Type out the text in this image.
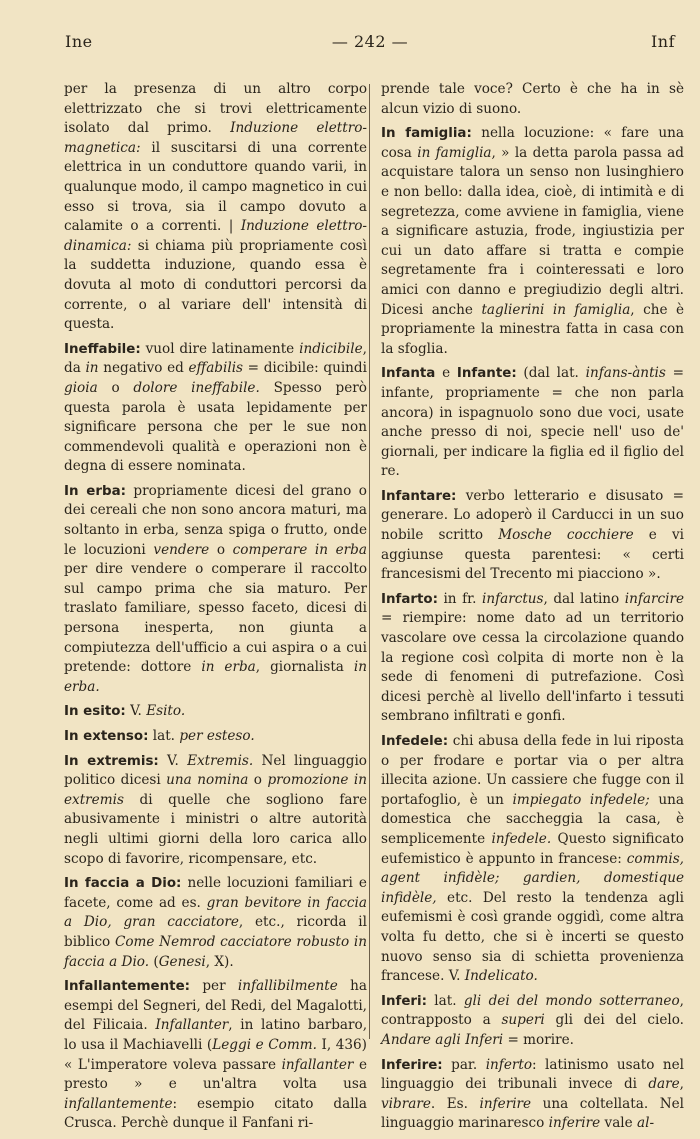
Ine	— 242 —	Inf

per la presenza di un altro corpo elettrizzato che si trovi elettricamente isolato dal primo. Induzione elettro-magnetica: il suscitarsi di una corrente elettrica in un conduttore quando varii, in qualunque modo, il campo magnetico in cui esso si trova, sia il campo dovuto a calamite o a correnti. | Induzione elettro-dinamica: si chiama più propriamente così la suddetta induzione, quando essa è dovuta al moto di conduttori percorsi da corrente, o al variare dell' intensità di questa.

Ineffabile: vuol dire latinamente indicibile, da in negativo ed effabilis = dicibile: quindi gioia o dolore ineffabile. Spesso però questa parola è usata lepidamente per significare persona che per le sue non commendevoli qualità e operazioni non è degna di essere nominata.

In erba: propriamente dicesi del grano o dei cereali che non sono ancora maturi, ma soltanto in erba, senza spiga o frutto, onde le locuzioni vendere o comperare in erba per dire vendere o comperare il raccolto sul campo prima che sia maturo. Per traslato familiare, spesso faceto, dicesi di persona inesperta, non giunta a compiutezza dell'ufficio a cui aspira o a cui pretende: dottore in erba, giornalista in erba.

In esito: V. Esito.

In extenso: lat. per esteso.

In extremis: V. Extremis. Nel linguaggio politico dicesi una nomina o promozione in extremis di quelle che sogliono fare abusivamente i ministri o altre autorità negli ultimi giorni della loro carica allo scopo di favorire, ricompensare, etc.

In faccia a Dio: nelle locuzioni familiari e facete, come ad es. gran bevitore in faccia a Dio, gran cacciatore, etc., ricorda il biblico Come Nemrod cacciatore robusto in faccia a Dio. (Genesi, X).

Infallantemente: per infallibilmente ha esempi del Segneri, del Redi, del Magalotti, del Filicaia. Infallanter, in latino barbaro, lo usa il Machiavelli (Leggi e Comm. I, 436) « L'imperatore voleva passare infallanter e presto » e un'altra volta usa infallantemente: esempio citato dalla Crusca. Perchè dunque il Fanfani ri-

prende tale voce? Certo è che ha in sè alcun vizio di suono.

In famiglia: nella locuzione: « fare una cosa in famiglia, » la detta parola passa ad acquistare talora un senso non lusinghiero e non bello: dalla idea, cioè, di intimità e di segretezza, come avviene in famiglia, viene a significare astuzia, frode, ingiustizia per cui un dato affare si tratta e compie segretamente fra i cointeressati e loro amici con danno e pregiudizio degli altri. Dicesi anche taglierini in famiglia, che è propriamente la minestra fatta in casa con la sfoglia.

Infanta e Infante: (dal lat. infans-àntis = infante, propriamente = che non parla ancora) in ispagnuolo sono due voci, usate anche presso di noi, specie nell' uso de' giornali, per indicare la figlia ed il figlio del re.

Infantare: verbo letterario e disusato = generare. Lo adoperò il Carducci in un suo nobile scritto Mosche cocchiere e vi aggiunse questa parentesi: « certi francesismi del Trecento mi piacciono ».

Infarto: in fr. infarctus, dal latino infarcire = riempire: nome dato ad un territorio vascolare ove cessa la circolazione quando la regione così colpita di morte non è la sede di fenomeni di putrefazione. Così dicesi perchè al livello dell'infarto i tessuti sembrano infiltrati e gonfi.

Infedele: chi abusa della fede in lui riposta o per frodare e portar via o per altra illecita azione. Un cassiere che fugge con il portafoglio, è un impiegato infedele; una domestica che saccheggia la casa, è semplicemente infedele. Questo significato eufemistico è appunto in francese: commis, agent infidèle; gardien, domestique infidèle, etc. Del resto la tendenza agli eufemismi è così grande oggidì, come altra volta fu detto, che si è incerti se questo nuovo senso sia di schietta provenienza francese. V. Indelicato.

Inferi: lat. gli dei del mondo sotterraneo, contrapposto a superi gli dei del cielo. Andare agli Inferi = morire.

Inferire: par. inferto: latinismo usato nel linguaggio dei tribunali invece di dare, vibrare. Es. inferire una coltellata. Nel linguaggio marinaresco inferire vale al-
